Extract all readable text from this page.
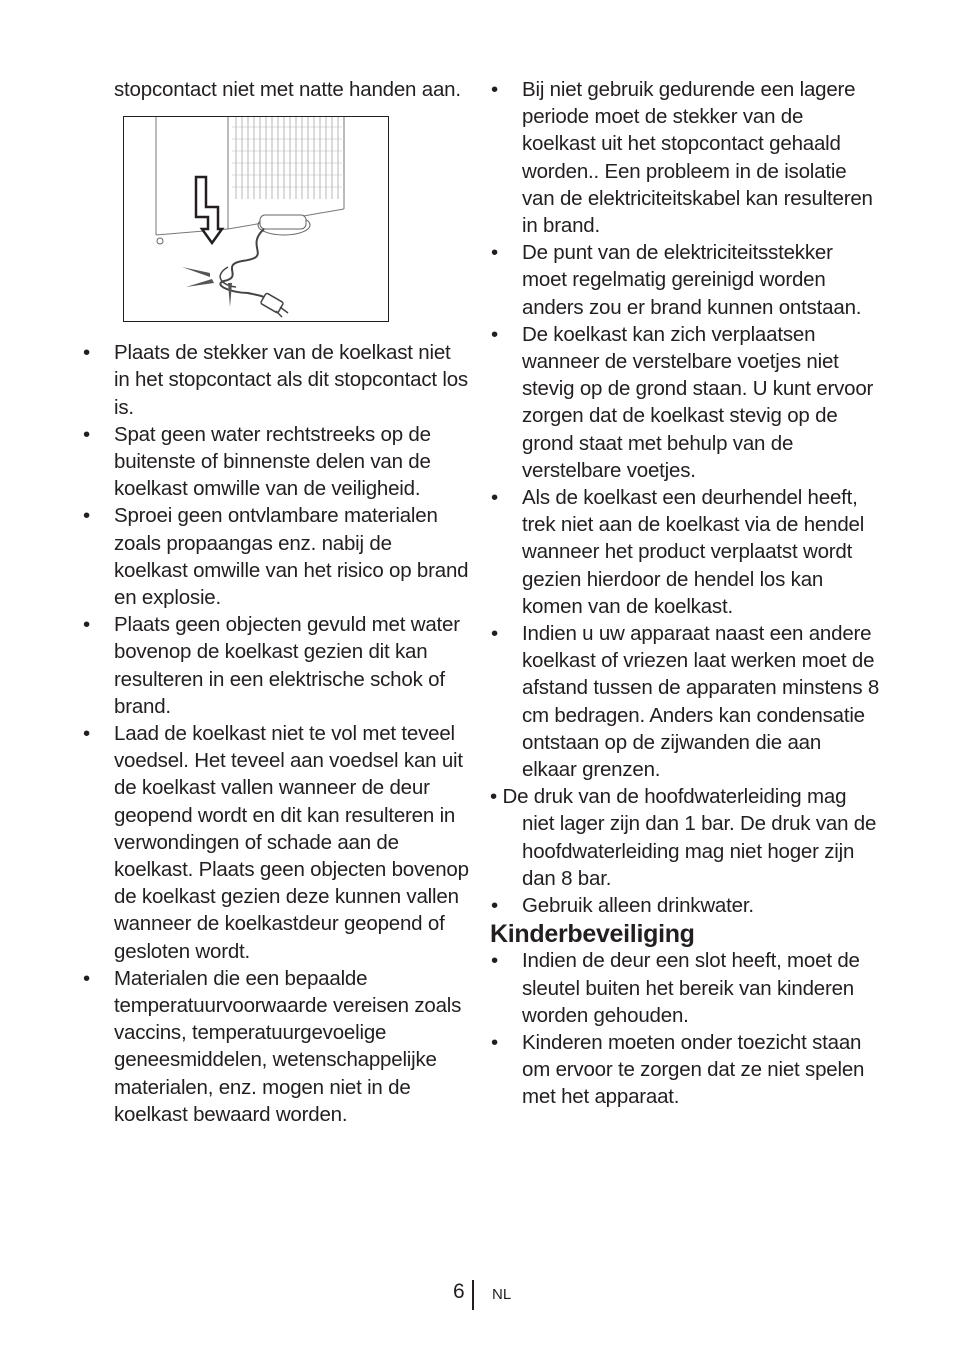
stopcontact niet met natte handen aan.

• Plaats de stekker van de koelkast niet in het stopcontact als dit stopcontact los is.
• Spat geen water rechtstreeks op de buitenste of binnenste delen van de koelkast omwille van de veiligheid.
• Sproei geen ontvlambare materialen zoals propaangas enz. nabij de koelkast omwille van het risico op brand en explosie.
• Plaats geen objecten gevuld met water bovenop de koelkast gezien dit kan resulteren in een elektrische schok of brand.
• Laad de koelkast niet te vol met teveel voedsel. Het teveel aan voedsel kan uit de koelkast vallen wanneer de deur geopend wordt en dit kan resulteren in verwondingen of schade aan de koelkast. Plaats geen objecten bovenop de koelkast gezien deze kunnen vallen wanneer de koelkastdeur geopend of gesloten wordt.
• Materialen die een bepaalde temperatuurvoorwaarde vereisen zoals vaccins, temperatuurgevoelige geneesmiddelen, wetenschappelijke materialen, enz. mogen niet in de koelkast bewaard worden.
• Bij niet gebruik gedurende een lagere periode moet de stekker van de koelkast uit het stopcontact gehaald worden.. Een probleem in de isolatie van de elektriciteitskabel kan resulteren in brand.
• De punt van de elektriciteitsstekker moet regelmatig gereinigd worden anders zou er brand kunnen ontstaan.
• De koelkast kan zich verplaatsen wanneer de verstelbare voetjes niet stevig op de grond staan. U kunt ervoor zorgen dat de koelkast stevig op de grond staat met behulp van de verstelbare voetjes.
• Als de koelkast een deurhendel heeft, trek niet aan de koelkast via de hendel wanneer het product verplaatst wordt gezien hierdoor de hendel los kan komen van de koelkast.
• Indien u uw apparaat naast een andere koelkast of vriezen laat werken moet de afstand tussen de apparaten minstens 8 cm bedragen. Anders kan condensatie ontstaan op de zijwanden die aan elkaar grenzen.
• De druk van de hoofdwaterleiding mag niet lager zijn dan 1 bar. De druk van de hoofdwaterleiding mag niet hoger zijn dan 8 bar.
• Gebruik alleen drinkwater.
Kinderbeveiliging
• Indien de deur een slot heeft, moet de sleutel buiten het bereik van kinderen worden gehouden.
• Kinderen moeten onder toezicht staan om ervoor te zorgen dat ze niet spelen met het apparaat.
6 NL
